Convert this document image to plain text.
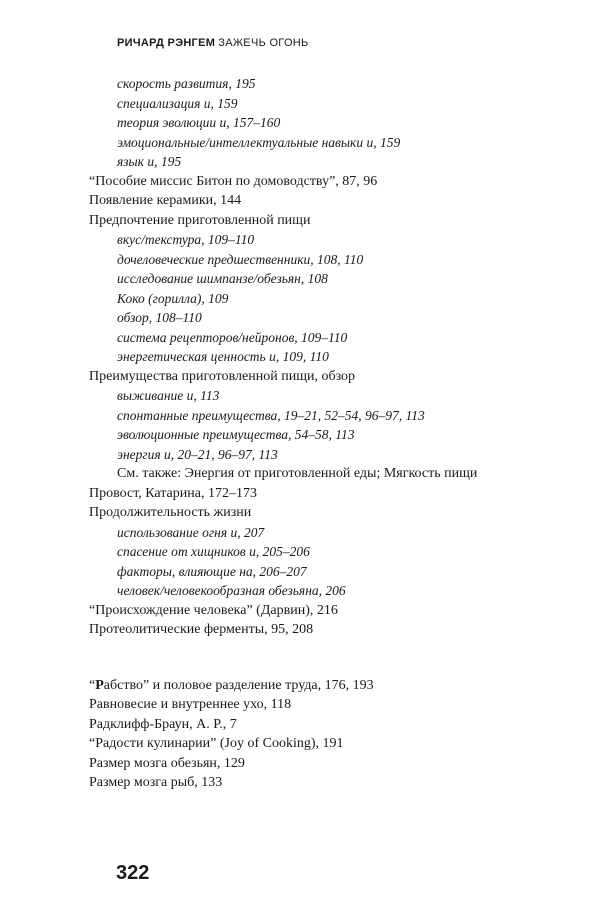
РИЧАРД РЭНГЕМ ЗАЖЕЧЬ ОГОНЬ
скорость развития, 195
специализация и, 159
теория эволюции и, 157–160
эмоциональные/интеллектуальные навыки и, 159
язык и, 195
“Пособие миссис Битон по домоводству”, 87, 96
Появление керамики, 144
Предпочтение приготовленной пищи
вкус/текстура, 109–110
дочеловеческие предшественники, 108, 110
исследование шимпанзе/обезьян, 108
Коко (горилла), 109
обзор, 108–110
система рецепторов/нейронов, 109–110
энергетическая ценность и, 109, 110
Преимущества приготовленной пищи, обзор
выживание и, 113
спонтанные преимущества, 19–21, 52–54, 96–97, 113
эволюционные преимущества, 54–58, 113
энергия и, 20–21, 96–97, 113
См. также: Энергия от приготовленной еды; Мягкость пищи
Провост, Катарина, 172–173
Продолжительность жизни
использование огня и, 207
спасение от хищников и, 205–206
факторы, влияющие на, 206–207
человек/человекообразная обезьяна, 206
“Происхождение человека” (Дарвин), 216
Протеолитические ферменты, 95, 208
“Рабство” и половое разделение труда, 176, 193
Равновесие и внутреннее ухо, 118
Радклифф-Браун, А. Р., 7
“Радости кулинарии” (Joy of Cooking), 191
Размер мозга обезьян, 129
Размер мозга рыб, 133
322
